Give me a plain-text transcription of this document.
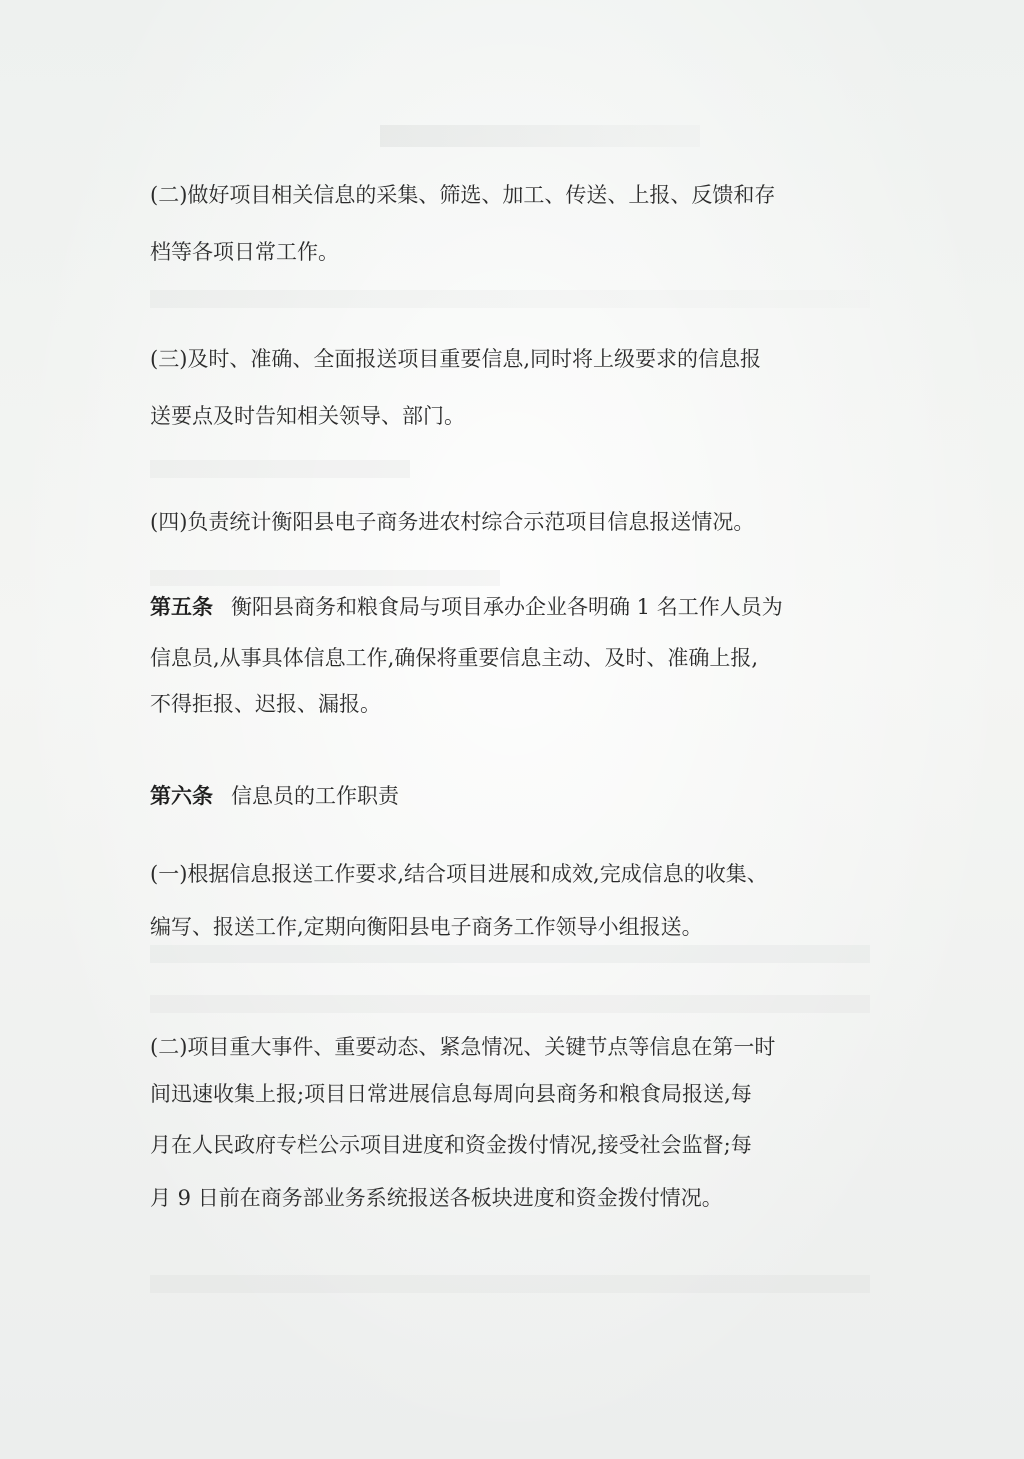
(二)做好项目相关信息的采集、筛选、加工、传送、上报、反馈和存
档等各项日常工作。
(三)及时、准确、全面报送项目重要信息,同时将上级要求的信息报
送要点及时告知相关领导、部门。
(四)负责统计衡阳县电子商务进农村综合示范项目信息报送情况。
第五条 衡阳县商务和粮食局与项目承办企业各明确 1 名工作人员为
信息员,从事具体信息工作,确保将重要信息主动、及时、准确上报,
不得拒报、迟报、漏报。
第六条 信息员的工作职责
(一)根据信息报送工作要求,结合项目进展和成效,完成信息的收集、
编写、报送工作,定期向衡阳县电子商务工作领导小组报送。
(二)项目重大事件、重要动态、紧急情况、关键节点等信息在第一时
间迅速收集上报;项目日常进展信息每周向县商务和粮食局报送,每
月在人民政府专栏公示项目进度和资金拨付情况,接受社会监督;每
月 9 日前在商务部业务系统报送各板块进度和资金拨付情况。
